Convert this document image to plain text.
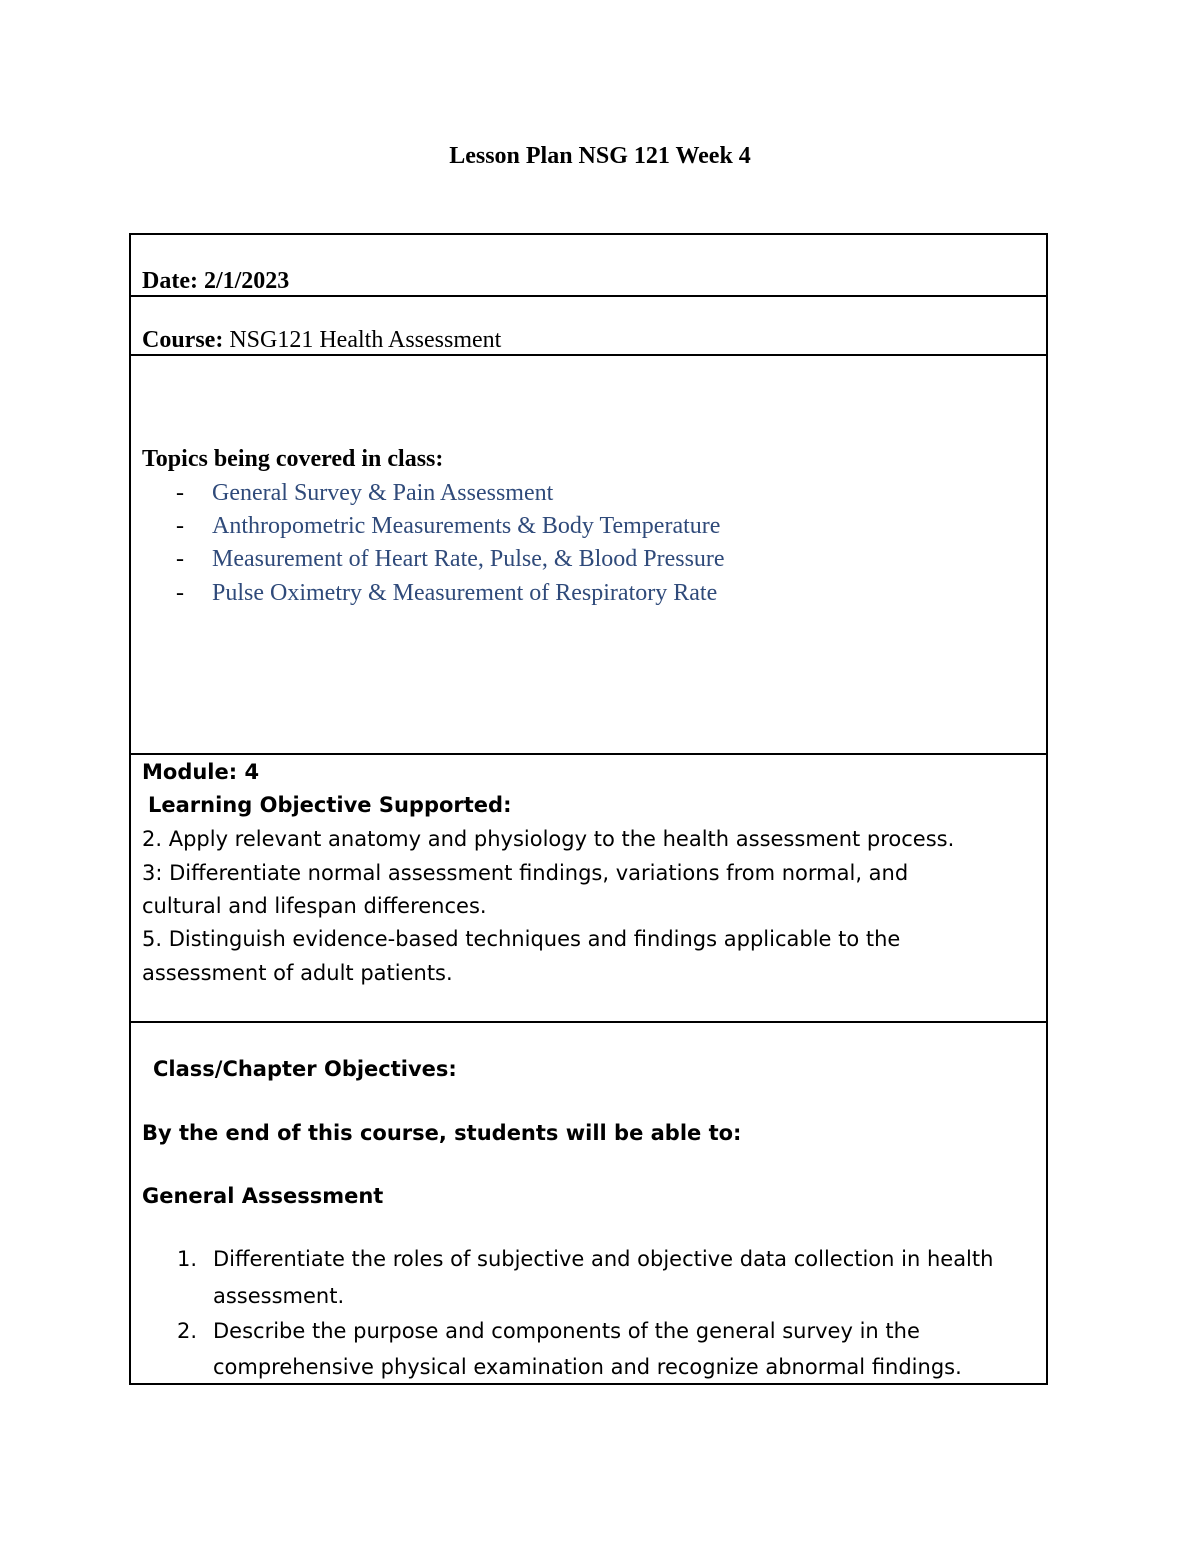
Lesson Plan NSG 121 Week 4
Date: 2/1/2023
Course: NSG121 Health Assessment
Topics being covered in class:
- General Survey & Pain Assessment
- Anthropometric Measurements & Body Temperature
- Measurement of Heart Rate, Pulse, & Blood Pressure
- Pulse Oximetry & Measurement of Respiratory Rate
Module: 4
Learning Objective Supported:
2. Apply relevant anatomy and physiology to the health assessment process.
3: Differentiate normal assessment findings, variations from normal, and
cultural and lifespan differences.
5. Distinguish evidence-based techniques and findings applicable to the
assessment of adult patients.
Class/Chapter Objectives:
By the end of this course, students will be able to:
General Assessment
1. Differentiate the roles of subjective and objective data collection in health
assessment.
2. Describe the purpose and components of the general survey in the
comprehensive physical examination and recognize abnormal findings.
